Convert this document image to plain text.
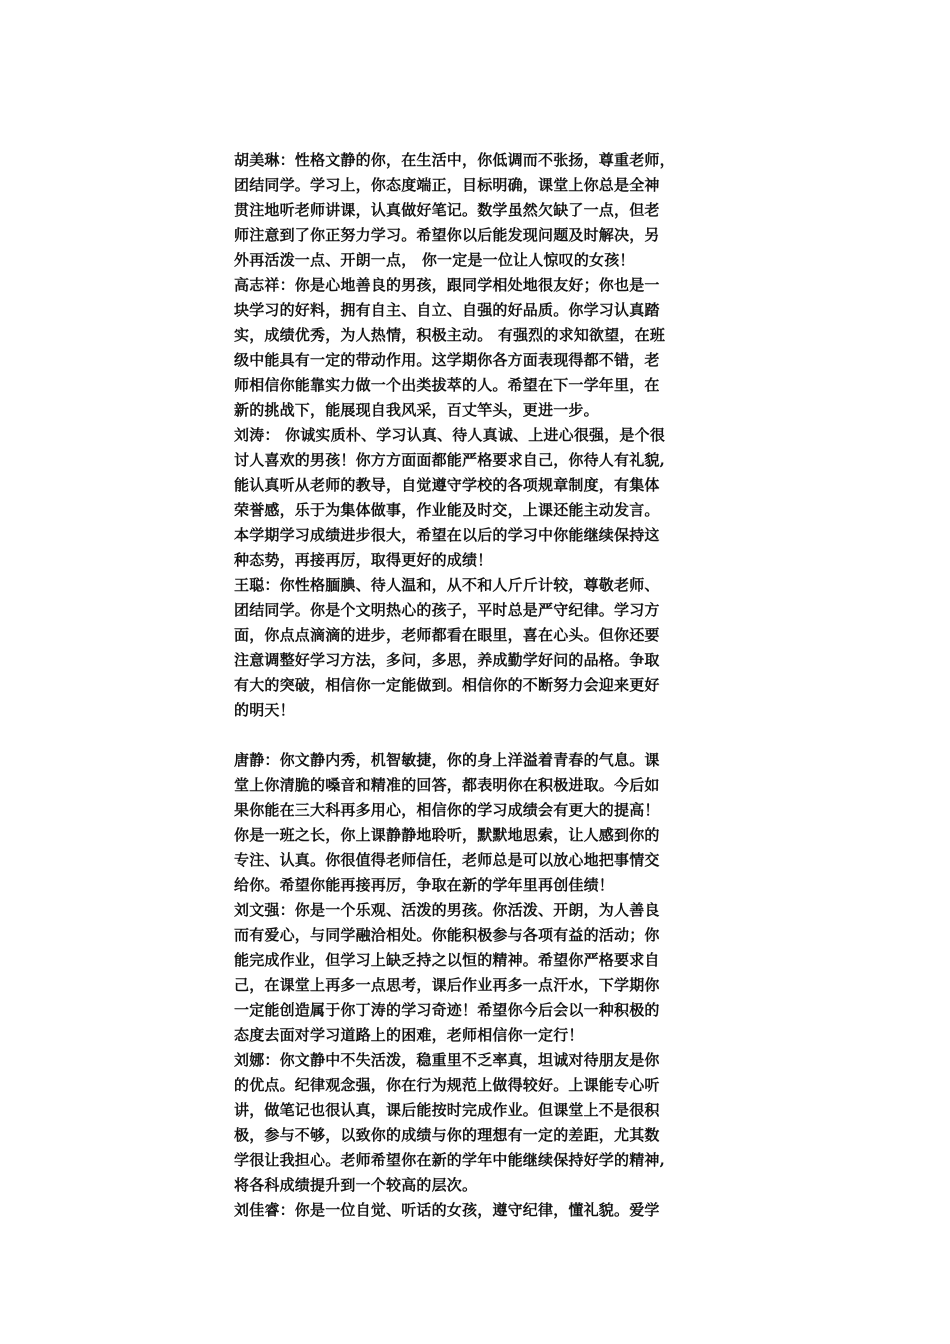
胡美琳：性格文静的你，在生活中，你低调而不张扬，尊重老师，
团结同学。学习上，你态度端正，目标明确，课堂上你总是全神
贯注地听老师讲课，认真做好笔记。数学虽然欠缺了一点，但老
师注意到了你正努力学习。希望你以后能发现问题及时解决，另
外再活泼一点、开朗一点， 你一定是一位让人惊叹的女孩！
高志祥：你是心地善良的男孩，跟同学相处地很友好；你也是一
块学习的好料，拥有自主、自立、自强的好品质。你学习认真踏
实，成绩优秀，为人热情，积极主动。 有强烈的求知欲望，在班
级中能具有一定的带动作用。这学期你各方面表现得都不错，老
师相信你能靠实力做一个出类拔萃的人。希望在下一学年里，在
新的挑战下，能展现自我风采，百丈竿头，更进一步。
刘涛： 你诚实质朴、学习认真、待人真诚、上进心很强，是个很
讨人喜欢的男孩！你方方面面都能严格要求自己，你待人有礼貌,
能认真听从老师的教导，自觉遵守学校的各项规章制度，有集体
荣誉感，乐于为集体做事，作业能及时交，上课还能主动发言。
本学期学习成绩进步很大，希望在以后的学习中你能继续保持这
种态势，再接再厉，取得更好的成绩！
王聪：你性格腼腆、待人温和，从不和人斤斤计较，尊敬老师、
团结同学。你是个文明热心的孩子，平时总是严守纪律。学习方
面，你点点滴滴的进步，老师都看在眼里，喜在心头。但你还要
注意调整好学习方法，多问，多思，养成勤学好问的品格。争取
有大的突破，相信你一定能做到。相信你的不断努力会迎来更好
的明天！
唐静：你文静内秀，机智敏捷，你的身上洋溢着青春的气息。课
堂上你清脆的嗓音和精准的回答，都表明你在积极进取。今后如
果你能在三大科再多用心，相信你的学习成绩会有更大的提高！
你是一班之长，你上课静静地聆听，默默地思索，让人感到你的
专注、认真。你很值得老师信任，老师总是可以放心地把事情交
给你。希望你能再接再厉，争取在新的学年里再创佳绩！
刘文强：你是一个乐观、活泼的男孩。你活泼、开朗，为人善良
而有爱心，与同学融洽相处。你能积极参与各项有益的活动；你
能完成作业，但学习上缺乏持之以恒的精神。希望你严格要求自
己，在课堂上再多一点思考，课后作业再多一点汗水，下学期你
一定能创造属于你丁涛的学习奇迹！希望你今后会以一种积极的
态度去面对学习道路上的困难，老师相信你一定行！
刘娜：你文静中不失活泼，稳重里不乏率真，坦诚对待朋友是你
的优点。纪律观念强，你在行为规范上做得较好。上课能专心听
讲，做笔记也很认真，课后能按时完成作业。但课堂上不是很积
极，参与不够，以致你的成绩与你的理想有一定的差距，尤其数
学很让我担心。老师希望你在新的学年中能继续保持好学的精神,
将各科成绩提升到一个较高的层次。
刘佳睿：你是一位自觉、听话的女孩，遵守纪律，懂礼貌。爱学
